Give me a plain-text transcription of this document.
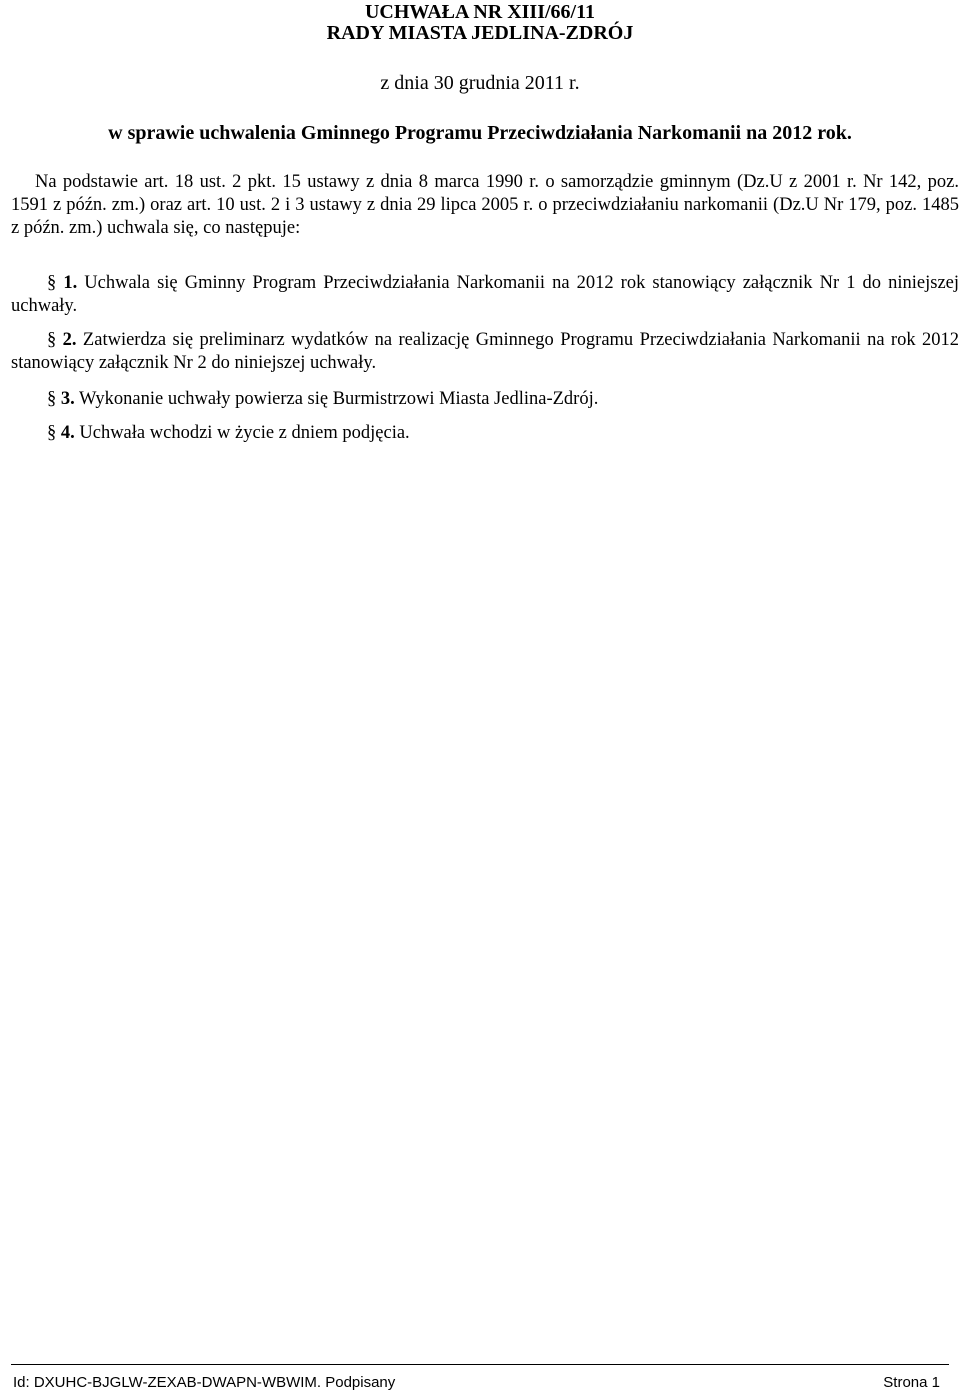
UCHWAŁA NR XIII/66/11
RADY MIASTA JEDLINA-ZDRÓJ
z dnia 30 grudnia 2011 r.
w sprawie uchwalenia Gminnego Programu Przeciwdziałania Narkomanii na 2012 rok.

Na podstawie art. 18 ust. 2 pkt. 15 ustawy z dnia 8 marca 1990 r. o samorządzie gminnym (Dz.U z 2001 r. Nr 142, poz. 1591 z późn. zm.) oraz art. 10 ust. 2 i 3 ustawy z dnia 29 lipca 2005 r. o przeciwdziałaniu narkomanii (Dz.U Nr 179, poz. 1485 z późn. zm.) uchwala się, co następuje:

§ 1. Uchwala się Gminny Program Przeciwdziałania Narkomanii na 2012 rok stanowiący załącznik Nr 1 do niniejszej uchwały.

§ 2. Zatwierdza się preliminarz wydatków na realizację Gminnego Programu Przeciwdziałania Narkomanii na rok 2012 stanowiący załącznik Nr 2 do niniejszej uchwały.

§ 3. Wykonanie uchwały powierza się Burmistrzowi Miasta Jedlina-Zdrój.

§ 4. Uchwała wchodzi w życie z dniem podjęcia.

Id: DXUHC-BJGLW-ZEXAB-DWAPN-WBWIM. Podpisany	Strona 1
